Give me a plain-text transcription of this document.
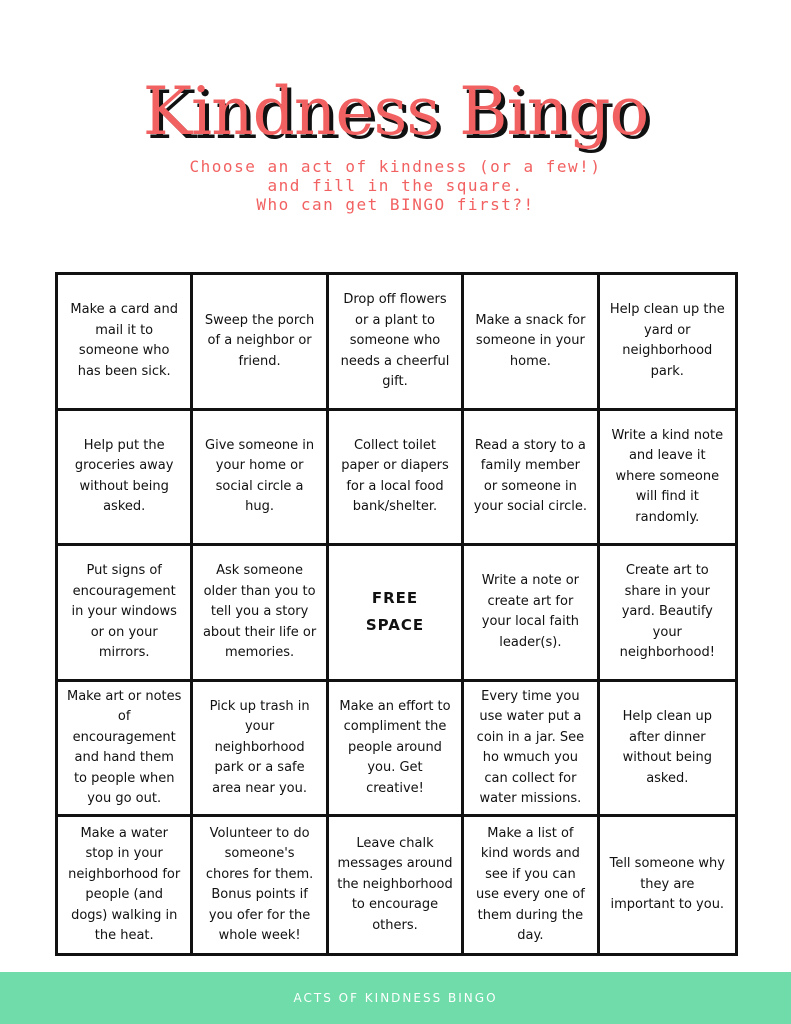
Kindness Bingo
Choose an act of kindness (or a few!)
and fill in the square.
Who can get BINGO first?!
Make a card and mail it to someone who has been sick.
Sweep the porch of a neighbor or friend.
Drop off flowers or a plant to someone who needs a cheerful gift.
Make a snack for someone in your home.
Help clean up the yard or neighborhood park.
Help put the groceries away without being asked.
Give someone in your home or social circle a hug.
Collect toilet paper or diapers for a local food bank/shelter.
Read a story to a family member or someone in your social circle.
Write a kind note and leave it where someone will find it randomly.
Put signs of encouragement in your windows or on your mirrors.
Ask someone older than you to tell you a story about their life or memories.
FREE SPACE
Write a note or create art for your local faith leader(s).
Create art to share in your yard. Beautify your neighborhood!
Make art or notes of encouragement and hand them to people when you go out.
Pick up trash in your neighborhood park or a safe area near you.
Make an effort to compliment the people around you. Get creative!
Every time you use water put a coin in a jar. See ho wmuch you can collect for water missions.
Help clean up after dinner without being asked.
Make a water stop in your neighborhood for people (and dogs) walking in the heat.
Volunteer to do someone's chores for them. Bonus points if you ofer for the whole week!
Leave chalk messages around the neighborhood to encourage others.
Make a list of kind words and see if you can use every one of them during the day.
Tell someone why they are important to you.
ACTS OF KINDNESS BINGO
